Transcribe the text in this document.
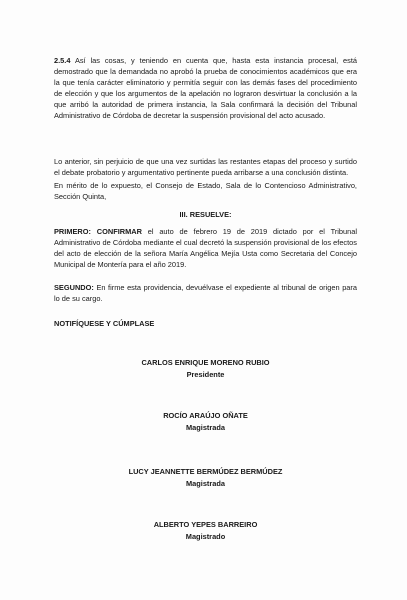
2.5.4 Así las cosas, y teniendo en cuenta que, hasta esta instancia procesal, está demostrado que la demandada no aprobó la prueba de conocimientos académicos que era la que tenía carácter eliminatorio y permitía seguir con las demás fases del procedimiento de elección y que los argumentos de la apelación no lograron desvirtuar la conclusión a la que arribó la autoridad de primera instancia, la Sala confirmará la decisión del Tribunal Administrativo de Córdoba de decretar la suspensión provisional del acto acusado.

Lo anterior, sin perjuicio de que una vez surtidas las restantes etapas del proceso y surtido el debate probatorio y argumentativo pertinente pueda arribarse a una conclusión distinta.

En mérito de lo expuesto, el Consejo de Estado, Sala de lo Contencioso Administrativo, Sección Quinta,

III. RESUELVE:

PRIMERO: CONFIRMAR el auto de febrero 19 de 2019 dictado por el Tribunal Administrativo de Córdoba mediante el cual decretó la suspensión provisional de los efectos del acto de elección de la señora María Angélica Mejía Usta como Secretaria del Concejo Municipal de Montería para el año 2019.

SEGUNDO: En firme esta providencia, devuélvase el expediente al tribunal de origen para lo de su cargo.

NOTIFÍQUESE Y CÚMPLASE

CARLOS ENRIQUE MORENO RUBIO
Presidente
ROCÍO ARAÚJO OÑATE
Magistrada
LUCY JEANNETTE BERMÚDEZ BERMÚDEZ
Magistrada
ALBERTO YEPES BARREIRO
Magistrado
